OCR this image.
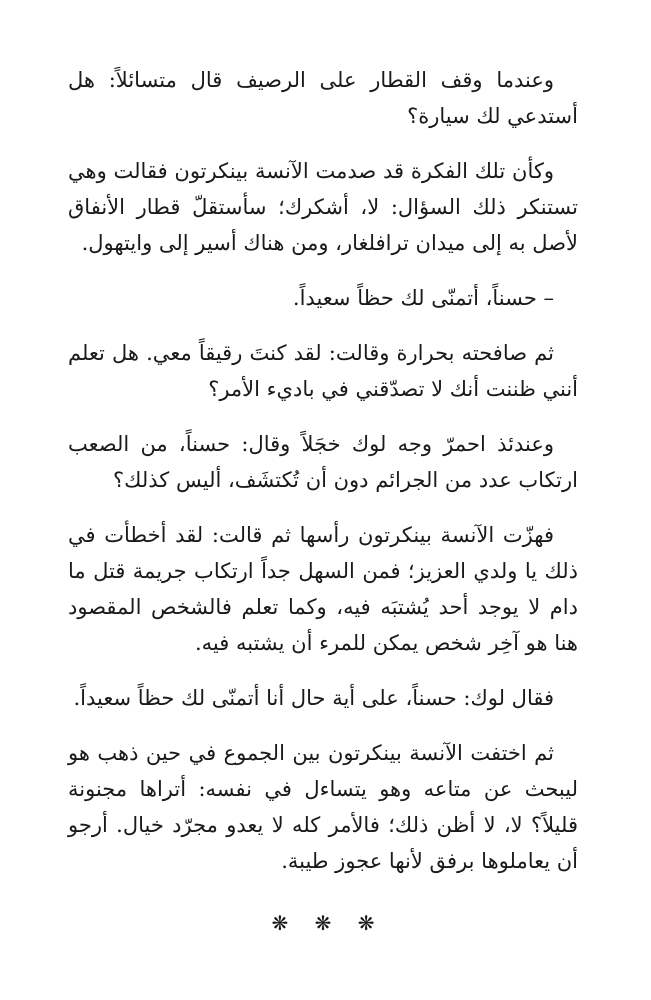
وعندما وقف القطار على الرصيف قال متسائلاً: هل أستدعي لك سيارة؟

وكأن تلك الفكرة قد صدمت الآنسة بينكرتون فقالت وهي تستنكر ذلك السؤال: لا، أشكرك؛ سأستقلّ قطار الأنفاق لأصل به إلى ميدان ترافلغار، ومن هناك أسير إلى وايتهول.

– حسناً، أتمنّى لك حظاً سعيداً.

ثم صافحته بحرارة وقالت: لقد كنتَ رقيقاً معي. هل تعلم أنني ظننت أنك لا تصدّقني في باديء الأمر؟

وعندئذ احمرّ وجه لوك خجَلاً وقال: حسناً، من الصعب ارتكاب عدد من الجرائم دون أن تُكتشَف، أليس كذلك؟

فهزّت الآنسة بينكرتون رأسها ثم قالت: لقد أخطأت في ذلك يا ولدي العزيز؛ فمن السهل جداً ارتكاب جريمة قتل ما دام لا يوجد أحد يُشتبَه فيه، وكما تعلم فالشخص المقصود هنا هو آخِر شخص يمكن للمرء أن يشتبه فيه.

فقال لوك: حسناً، على أية حال أنا أتمنّى لك حظاً سعيداً.

ثم اختفت الآنسة بينكرتون بين الجموع في حين ذهب هو ليبحث عن متاعه وهو يتساءل في نفسه: أتراها مجنونة قليلاً؟ لا، لا أظن ذلك؛ فالأمر كله لا يعدو مجرّد خيال. أرجو أن يعاملوها برفق لأنها عجوز طيبة.

❋ ❋ ❋
